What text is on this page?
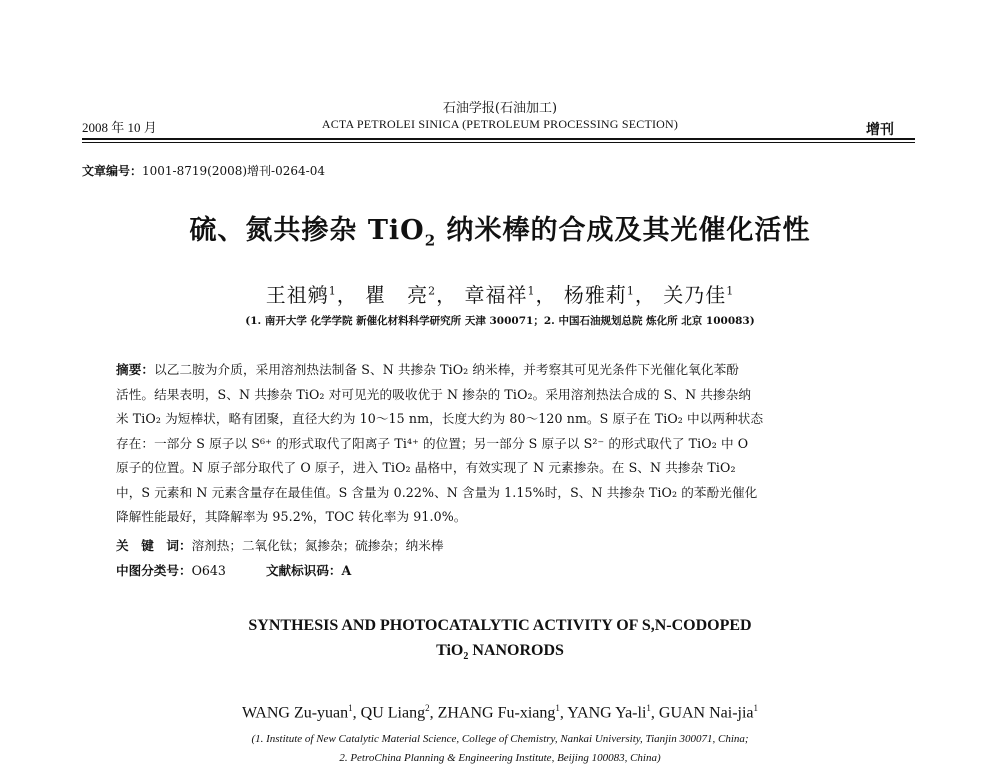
石油学报(石油加工)
2008 年 10 月	ACTA PETROLEI SINICA (PETROLEUM PROCESSING SECTION)	增刊
文章编号：1001-8719(2008)增刊-0264-04
硫、氮共掺杂 TiO$_2$ 纳米棒的合成及其光催化活性
王祖鹓$^1$， 瞿　亮$^2$， 章福祥$^1$， 杨雅莉$^1$， 关乃佳$^1$
(1. 南开大学 化学学院 新催化材料科学研究所 天津 300071；2. 中国石油规划总院 炼化所 北京 100083)
摘要：以乙二胺为介质，采用溶剂热法制备 S、N 共掺杂 TiO₂ 纳米棒，并考察其可见光条件下光催化氧化苯酚
活性。结果表明，S、N 共掺杂 TiO₂ 对可见光的吸收优于 N 掺杂的 TiO₂。采用溶剂热法合成的 S、N 共掺杂纳
米 TiO₂ 为短棒状，略有团聚，直径大约为 10～15 nm，长度大约为 80～120 nm。S 原子在 TiO₂ 中以两种状态
存在：一部分 S 原子以 S⁶⁺ 的形式取代了阳离子 Ti⁴⁺ 的位置；另一部分 S 原子以 S²⁻ 的形式取代了 TiO₂ 中 O
原子的位置。N 原子部分取代了 O 原子，进入 TiO₂ 晶格中，有效实现了 N 元素掺杂。在 S、N 共掺杂 TiO₂
中，S 元素和 N 元素含量存在最佳值。S 含量为 0.22%、N 含量为 1.15%时，S、N 共掺杂 TiO₂ 的苯酚光催化
降解性能最好，其降解率为 95.2%，TOC 转化率为 91.0%。
关　键　词：溶剂热；二氧化钛；氮掺杂；硫掺杂；纳米棒
中图分类号：O643	文献标识码：A
SYNTHESIS AND PHOTOCATALYTIC ACTIVITY OF S,N-CODOPED
TiO$_2$ NANORODS
WANG Zu-yuan$^1$, QU Liang$^2$, ZHANG Fu-xiang$^1$, YANG $Ya-li^1$, GUAN Nai-jia$^1$
(1. Institute of New Catalytic Material Science, College of Chemistry, Nankai University, Tianjin 300071, China;
2. PetroChina Planning & Engineering Institute, Beijing 100083, China)
